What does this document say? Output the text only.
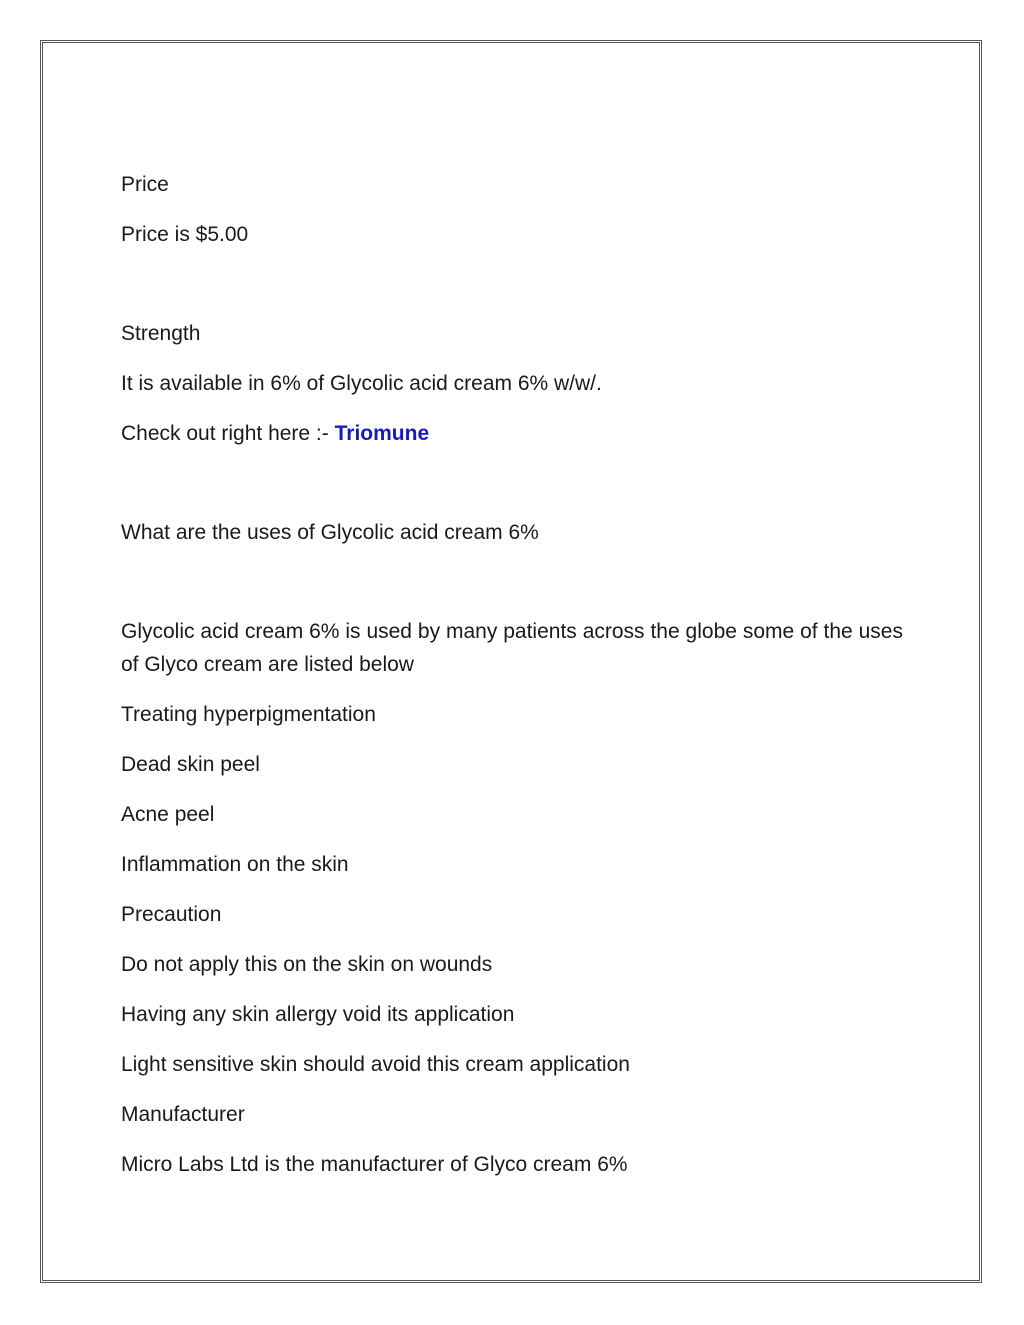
Price

Price is $5.00

Strength

It is available in 6% of Glycolic acid cream 6% w/w/.

Check out right here :- Triomune

What are the uses of Glycolic acid cream 6%

Glycolic acid cream 6% is used by many patients across the globe some of the uses of Glyco cream are listed below

Treating hyperpigmentation

Dead skin peel

Acne peel

Inflammation on the skin

Precaution

Do not apply this on the skin on wounds

Having any skin allergy void its application

Light sensitive skin should avoid this cream application

Manufacturer

Micro Labs Ltd is the manufacturer of Glyco cream 6%
